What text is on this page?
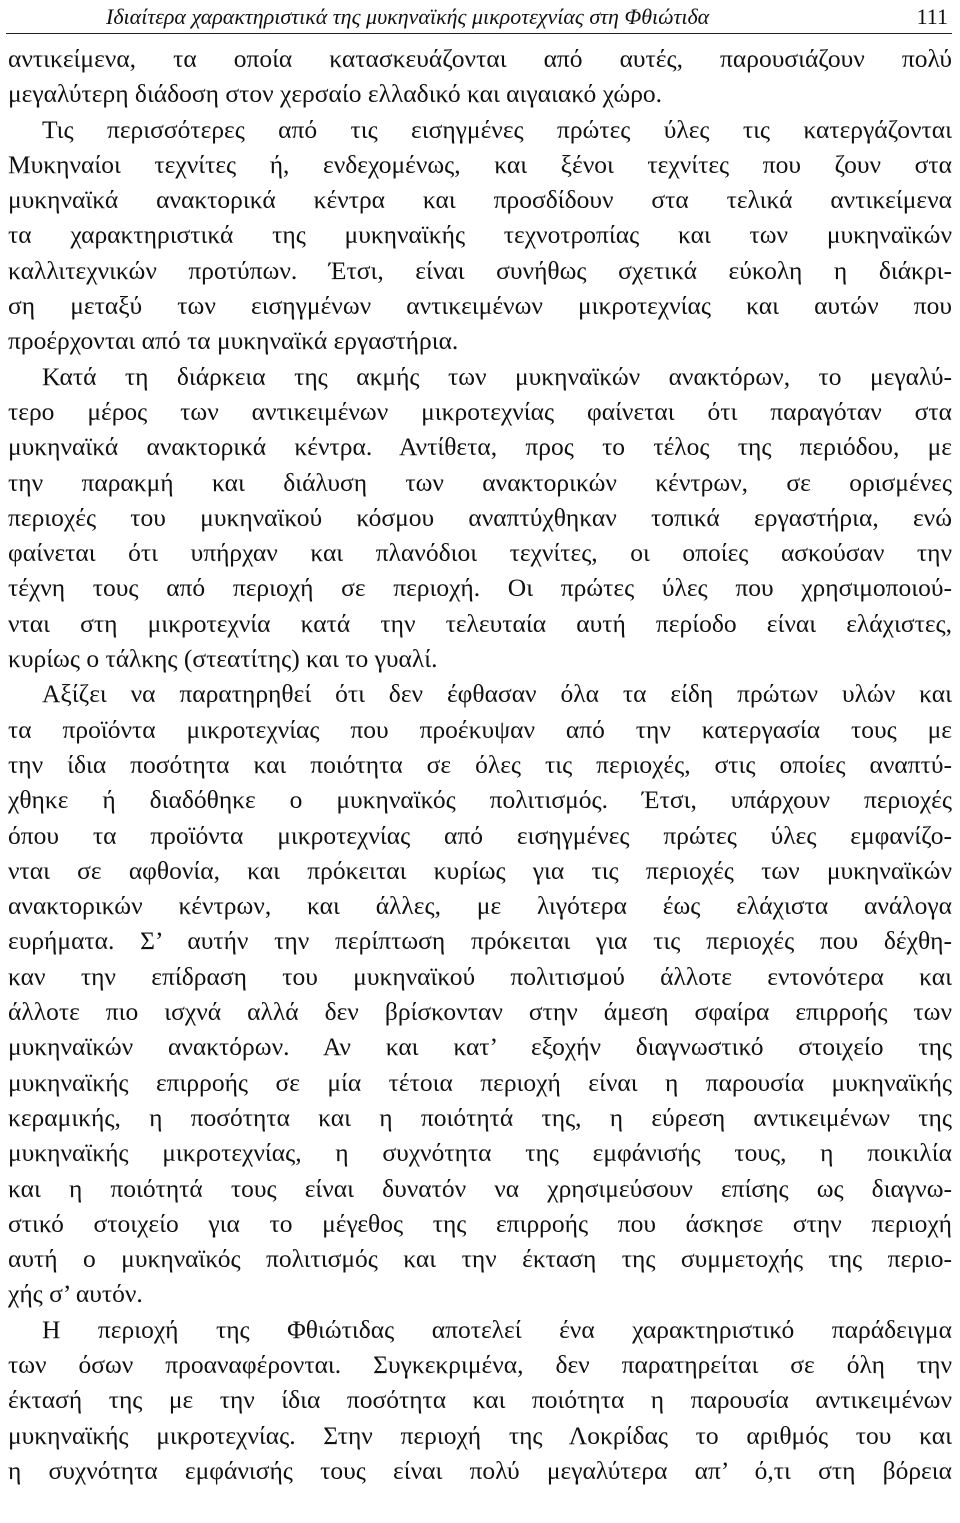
Ιδιαίτερα χαρακτηριστικά της μυκηναϊκής μικροτεχνίας στη Φθιώτιδα	111
αντικείμενα, τα οποία κατασκευάζονται από αυτές, παρουσιάζουν πολύ
μεγαλύτερη διάδοση στον χερσαίο ελλαδικό και αιγαιακό χώρο.
Τις περισσότερες από τις εισηγμένες πρώτες ύλες τις κατεργάζονται
Μυκηναίοι τεχνίτες ή, ενδεχομένως, και ξένοι τεχνίτες που ζουν στα
μυκηναϊκά ανακτορικά κέντρα και προσδίδουν στα τελικά αντικείμενα
τα χαρακτηριστικά της μυκηναϊκής τεχνοτροπίας και των μυκηναϊκών
καλλιτεχνικών προτύπων. Έτσι, είναι συνήθως σχετικά εύκολη η διάκρι-
ση μεταξύ των εισηγμένων αντικειμένων μικροτεχνίας και αυτών που
προέρχονται από τα μυκηναϊκά εργαστήρια.
Κατά τη διάρκεια της ακμής των μυκηναϊκών ανακτόρων, το μεγαλύ-
τερο μέρος των αντικειμένων μικροτεχνίας φαίνεται ότι παραγόταν στα
μυκηναϊκά ανακτορικά κέντρα. Αντίθετα, προς το τέλος της περιόδου, με
την παρακμή και διάλυση των ανακτορικών κέντρων, σε ορισμένες
περιοχές του μυκηναϊκού κόσμου αναπτύχθηκαν τοπικά εργαστήρια, ενώ
φαίνεται ότι υπήρχαν και πλανόδιοι τεχνίτες, οι οποίες ασκούσαν την
τέχνη τους από περιοχή σε περιοχή. Οι πρώτες ύλες που χρησιμοποιού-
νται στη μικροτεχνία κατά την τελευταία αυτή περίοδο είναι ελάχιστες,
κυρίως ο τάλκης (στεατίτης) και το γυαλί.
Αξίζει να παρατηρηθεί ότι δεν έφθασαν όλα τα είδη πρώτων υλών και
τα προϊόντα μικροτεχνίας που προέκυψαν από την κατεργασία τους με
την ίδια ποσότητα και ποιότητα σε όλες τις περιοχές, στις οποίες αναπτύ-
χθηκε ή διαδόθηκε ο μυκηναϊκός πολιτισμός. Έτσι, υπάρχουν περιοχές
όπου τα προϊόντα μικροτεχνίας από εισηγμένες πρώτες ύλες εμφανίζο-
νται σε αφθονία, και πρόκειται κυρίως για τις περιοχές των μυκηναϊκών
ανακτορικών κέντρων, και άλλες, με λιγότερα έως ελάχιστα ανάλογα
ευρήματα. Σ’ αυτήν την περίπτωση πρόκειται για τις περιοχές που δέχθη-
καν την επίδραση του μυκηναϊκού πολιτισμού άλλοτε εντονότερα και
άλλοτε πιο ισχνά αλλά δεν βρίσκονταν στην άμεση σφαίρα επιρροής των
μυκηναϊκών ανακτόρων. Αν και κατ’ εξοχήν διαγνωστικό στοιχείο της
μυκηναϊκής επιρροής σε μία τέτοια περιοχή είναι η παρουσία μυκηναϊκής
κεραμικής, η ποσότητα και η ποιότητά της, η εύρεση αντικειμένων της
μυκηναϊκής μικροτεχνίας, η συχνότητα της εμφάνισής τους, η ποικιλία
και η ποιότητά τους είναι δυνατόν να χρησιμεύσουν επίσης ως διαγνω-
στικό στοιχείο για το μέγεθος της επιρροής που άσκησε στην περιοχή
αυτή ο μυκηναϊκός πολιτισμός και την έκταση της συμμετοχής της περιο-
χής σ’ αυτόν.
Η περιοχή της Φθιώτιδας αποτελεί ένα χαρακτηριστικό παράδειγμα
των όσων προαναφέρονται. Συγκεκριμένα, δεν παρατηρείται σε όλη την
έκτασή της με την ίδια ποσότητα και ποιότητα η παρουσία αντικειμένων
μυκηναϊκής μικροτεχνίας. Στην περιοχή της Λοκρίδας το αριθμός του και
η συχνότητα εμφάνισής τους είναι πολύ μεγαλύτερα απ’ ό,τι στη βόρεια
